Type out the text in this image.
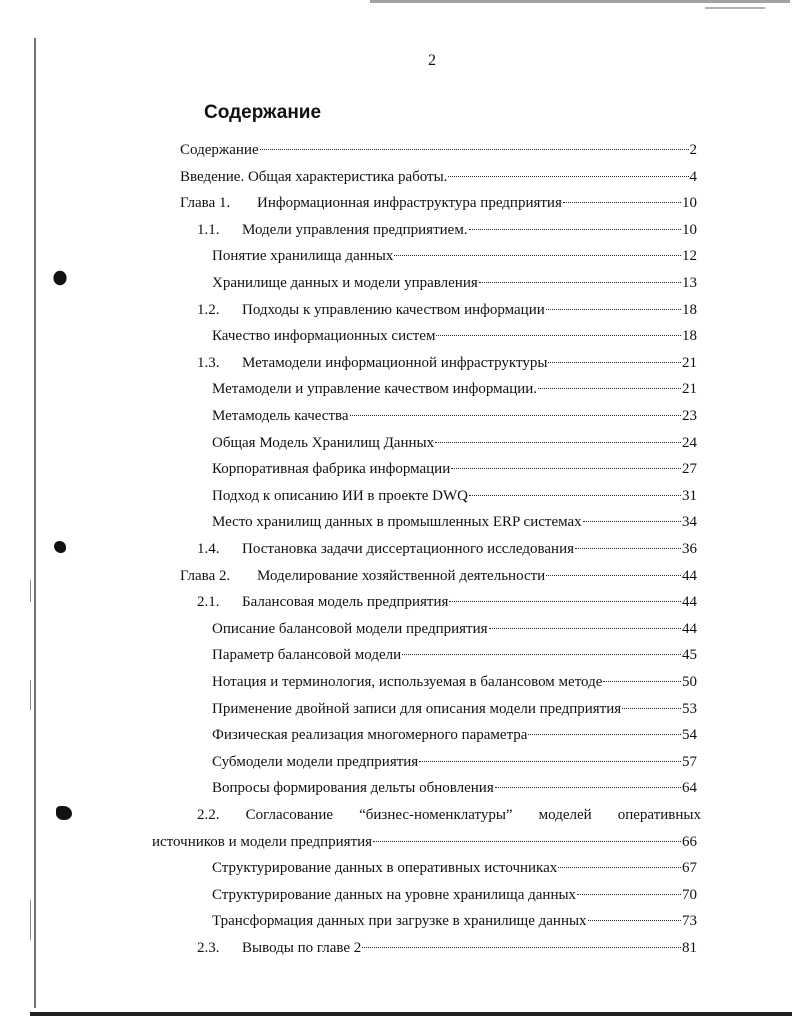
2
Содержание
Содержание	2
Введение. Общая характеристика работы.	4
Глава 1.	Информационная инфраструктура предприятия	10
1.1.	Модели управления предприятием.	10
Понятие хранилища данных	12
Хранилище данных и модели управления	13
1.2.	Подходы к управлению качеством информации	18
Качество информационных систем	18
1.3.	Метамодели информационной инфраструктуры	21
Метамодели и управление качеством информации.	21
Метамодель качества	23
Общая Модель Хранилищ Данных	24
Корпоративная фабрика информации	27
Подход к описанию ИИ в проекте DWQ	31
Место хранилищ данных в промышленных ERP системах	34
1.4.	Постановка задачи диссертационного исследования	36
Глава 2.	Моделирование хозяйственной деятельности	44
2.1.	Балансовая модель предприятия	44
Описание балансовой модели предприятия	44
Параметр балансовой модели	45
Нотация и терминология, используемая в балансовом методе	50
Применение двойной записи для описания модели предприятия	53
Физическая реализация многомерного параметра	54
Субмодели модели предприятия	57
Вопросы формирования дельты обновления	64
2.2. Согласование “бизнес-номенклатуры” моделей оперативных
источников и модели предприятия	66
Структурирование данных в оперативных источниках	67
Структурирование данных на уровне хранилища данных	70
Трансформация данных при загрузке в хранилище данных	73
2.3.	Выводы по главе 2	81
